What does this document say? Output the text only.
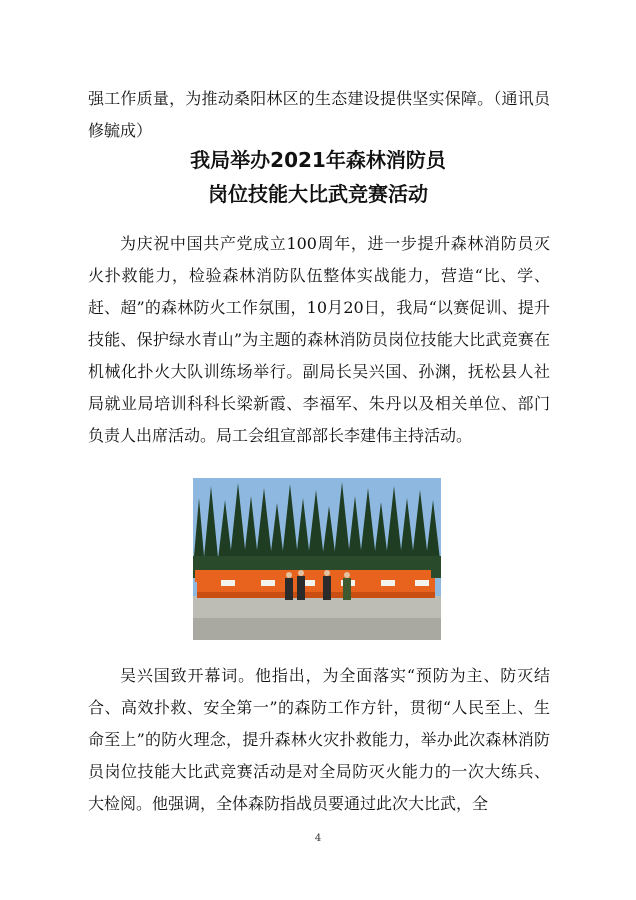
强工作质量，为推动桑阳林区的生态建设提供坚实保障。（通讯员　修毓成）

我局举办2021年森林消防员
岗位技能大比武竞赛活动

为庆祝中国共产党成立100周年，进一步提升森林消防员灭火扑救能力，检验森林消防队伍整体实战能力，营造“比、学、赶、超”的森林防火工作氛围，10月20日，我局“以赛促训、提升技能、保护绿水青山”为主题的森林消防员岗位技能大比武竞赛在机械化扑火大队训练场举行。副局长吴兴国、孙渊，抚松县人社局就业局培训科科长梁新霞、李福军、朱丹以及相关单位、部门负责人出席活动。局工会组宣部部长李建伟主持活动。

吴兴国致开幕词。他指出，为全面落实“预防为主、防灭结合、高效扑救、安全第一”的森防工作方针，贯彻“人民至上、生命至上”的防火理念，提升森林火灾扑救能力，举办此次森林消防员岗位技能大比武竞赛活动是对全局防灭火能力的一次大练兵、大检阅。他强调，全体森防指战员要通过此次大比武，全

4
